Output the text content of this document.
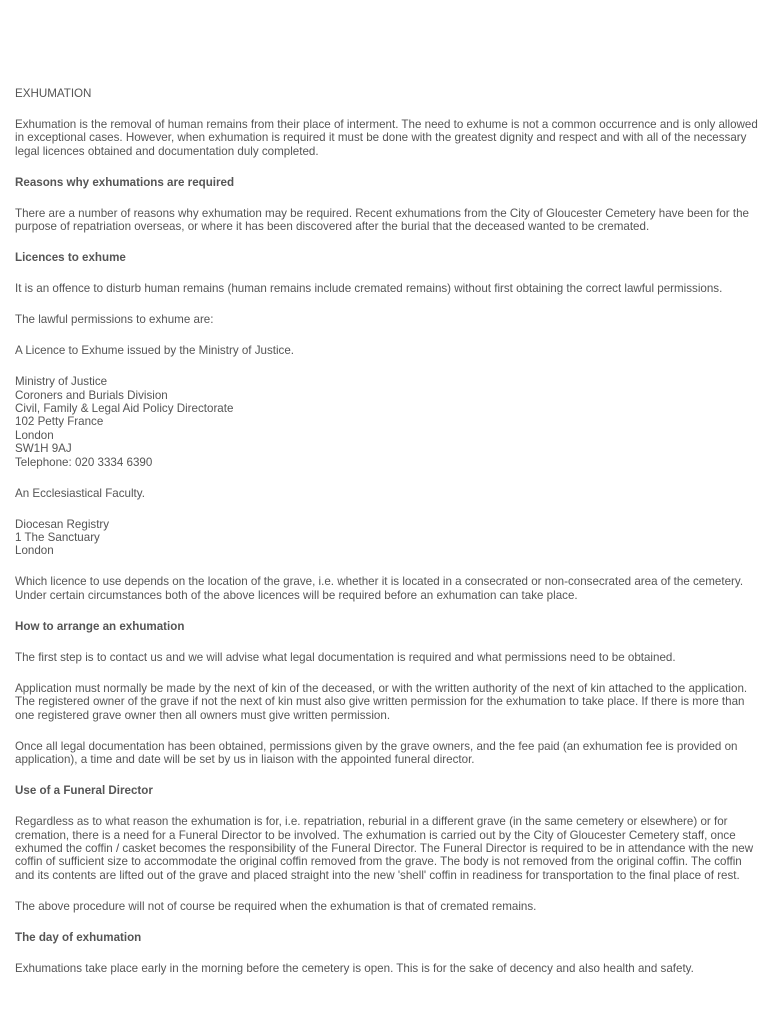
EXHUMATION

Exhumation is the removal of human remains from their place of interment. The need to exhume is not a common occurrence and is only allowed in exceptional cases. However, when exhumation is required it must be done with the greatest dignity and respect and with all of the necessary legal licences obtained and documentation duly completed.

Reasons why exhumations are required

There are a number of reasons why exhumation may be required. Recent exhumations from the City of Gloucester Cemetery have been for the purpose of repatriation overseas, or where it has been discovered after the burial that the deceased wanted to be cremated.

Licences to exhume

It is an offence to disturb human remains (human remains include cremated remains) without first obtaining the correct lawful permissions.

The lawful permissions to exhume are:

A Licence to Exhume issued by the Ministry of Justice.

Ministry of Justice
Coroners and Burials Division
Civil, Family & Legal Aid Policy Directorate
102 Petty France
London
SW1H 9AJ
Telephone: 020 3334 6390

An Ecclesiastical Faculty.

Diocesan Registry
1 The Sanctuary
London

Which licence to use depends on the location of the grave, i.e. whether it is located in a consecrated or non-consecrated area of the cemetery. Under certain circumstances both of the above licences will be required before an exhumation can take place.

How to arrange an exhumation

The first step is to contact us and we will advise what legal documentation is required and what permissions need to be obtained.

Application must normally be made by the next of kin of the deceased, or with the written authority of the next of kin attached to the application. The registered owner of the grave if not the next of kin must also give written permission for the exhumation to take place. If there is more than one registered grave owner then all owners must give written permission.

Once all legal documentation has been obtained, permissions given by the grave owners, and the fee paid (an exhumation fee is provided on application), a time and date will be set by us in liaison with the appointed funeral director.

Use of a Funeral Director

Regardless as to what reason the exhumation is for, i.e. repatriation, reburial in a different grave (in the same cemetery or elsewhere) or for cremation, there is a need for a Funeral Director to be involved. The exhumation is carried out by the City of Gloucester Cemetery staff, once exhumed the coffin / casket becomes the responsibility of the Funeral Director. The Funeral Director is required to be in attendance with the new coffin of sufficient size to accommodate the original coffin removed from the grave. The body is not removed from the original coffin. The coffin and its contents are lifted out of the grave and placed straight into the new 'shell' coffin in readiness for transportation to the final place of rest.

The above procedure will not of course be required when the exhumation is that of cremated remains.

The day of exhumation

Exhumations take place early in the morning before the cemetery is open. This is for the sake of decency and also health and safety.
